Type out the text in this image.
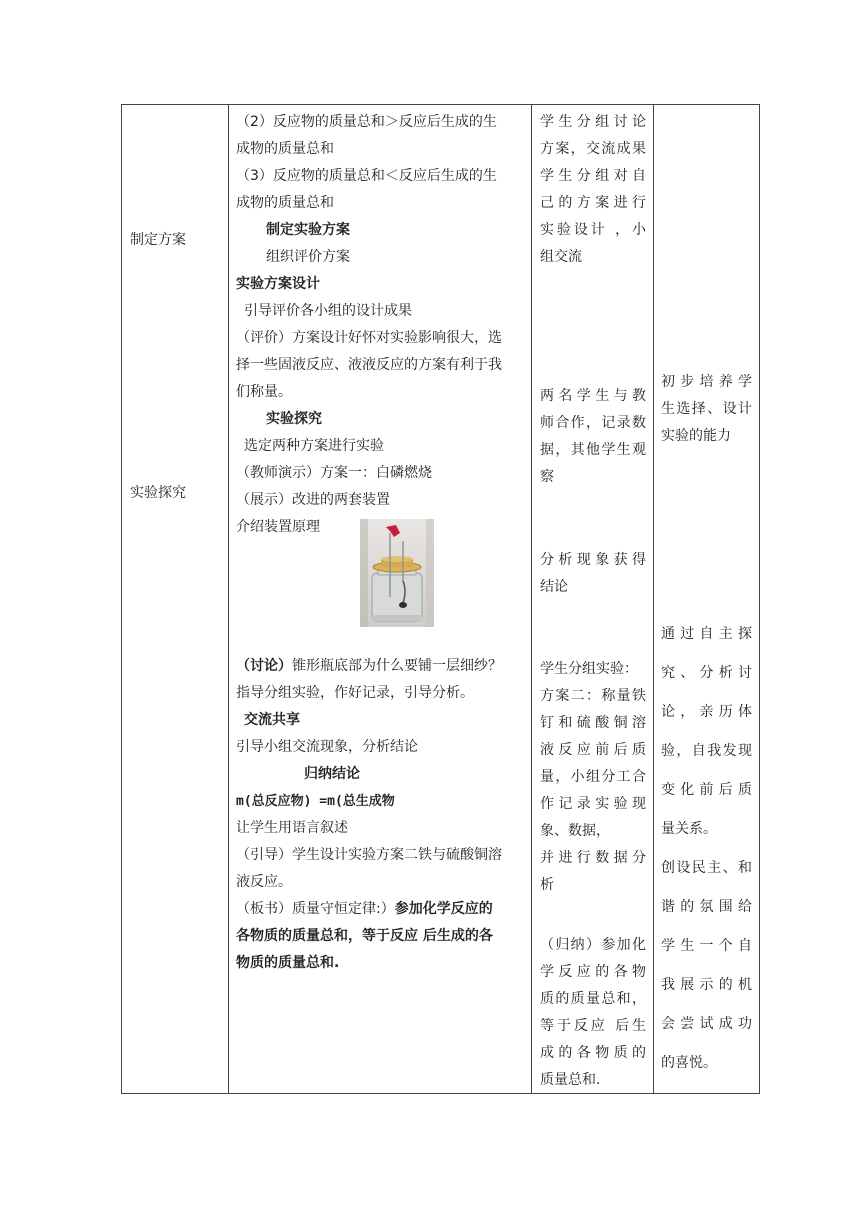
制定方案
实验探究
（2）反应物的质量总和＞反应后生成的生
成物的质量总和
（3）反应物的质量总和＜反应后生成的生
成物的质量总和
制定实验方案
组织评价方案
实验方案设计
引导评价各小组的设计成果
（评价）方案设计好怀对实验影响很大，选
择一些固液反应、液液反应的方案有利于我
们称量。
实验探究
选定两种方案进行实验
（教师演示）方案一：白磷燃烧
（展示）改进的两套装置
介绍装置原理
（讨论）锥形瓶底部为什么要铺一层细纱？
指导分组实验，作好记录，引导分析。
交流共享
引导小组交流现象，分析结论
归纳结论
m(总反应物) =m(总生成物
让学生用语言叙述
（引导）学生设计实验方案二铁与硫酸铜溶
液反应。
（板书）质量守恒定律:）参加化学反应的
各物质的质量总和，等于反应 后生成的各
物质的质量总和.
学生分组讨论
方案，交流成果
学生分组对自
己的方案进行
实验设计 ，小
组交流
两名学生与教
师合作，记录数
据，其他学生观
察
分析现象获得
结论
学生分组实验：
方案二：称量铁
钉和硫酸铜溶
液反应前后质
量，小组分工合
作记录实验现
象、数据，
并进行数据分
析
（归纳）参加化
学反应的各物
质的质量总和，
等于反应 后生
成的各物质的
质量总和.
初步培养学
生选择、设计
实验的能力
通过自主探
究、分析讨
论，亲历体
验，自我发现
变化前后质
量关系。
创设民主、和
谐的氛围给
学生一个自
我展示的机
会尝试成功
的喜悦。
